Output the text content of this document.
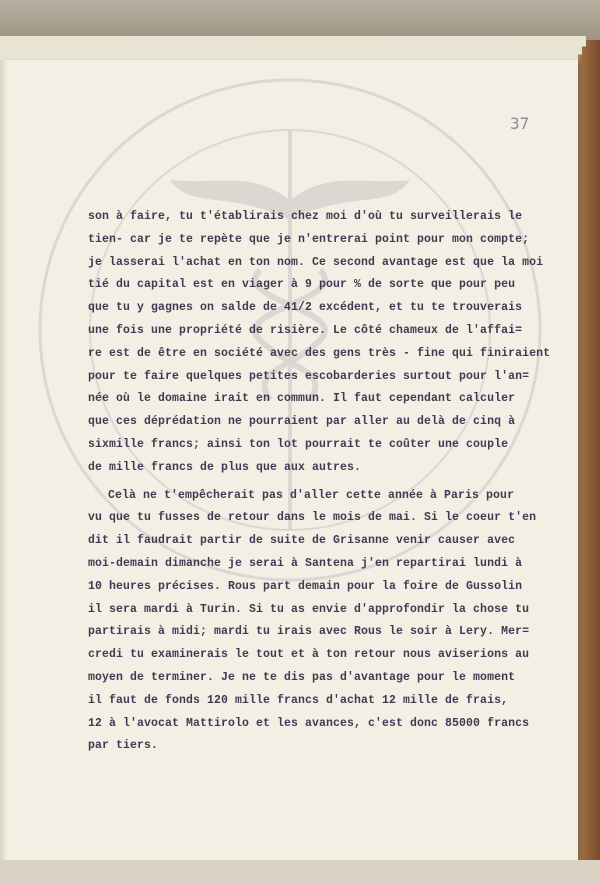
37
son à faire, tu t'établirais chez moi d'où tu surveillerais le
tien- car je te repète que je n'entrerai point pour mon compte;
je lasserai l'achat en ton nom. Ce second avantage est que la moi
tié du capital est en viager à 9 pour % de sorte que pour peu
que tu y gagnes on salde de 41/2 excédent, et tu te trouverais
une fois une propriété de risière. Le côté chameux de l'affai=
re est de être en société avec des gens très - fine qui finiraient
pour te faire quelques petites escobarderies surtout pour l'an=
née où le domaine irait en commun. Il faut cependant calculer
que ces déprédation ne pourraient par aller au delà de cinq à
sixmille francs; ainsi ton lot pourrait te coûter une couple
de mille francs de plus que aux autres.
Celà ne t'empêcherait pas d'aller cette année à Paris pour
vu que tu fusses de retour dans le mois de mai. Si le coeur t'en
dit il faudrait partir de suite de Grisanne venir causer avec
moi-demain dimanche je serai à Santena j'en repartirai lundi à
10 heures précises. Rous part demain pour la foire de Gussolin
il sera mardi à Turin. Si tu as envie d'approfondir la chose tu
partirais à midi; mardi tu irais avec Rous le soir à Lery. Mer=
credi tu examinerais le tout et à ton retour nous aviserions au
moyen de terminer. Je ne te dis pas d'avantage pour le moment
il faut de fonds 120 mille francs d'achat 12 mille de frais,
12 à l'avocat Mattirolo et les avances, c'est donc 85000 francs
par tiers.
